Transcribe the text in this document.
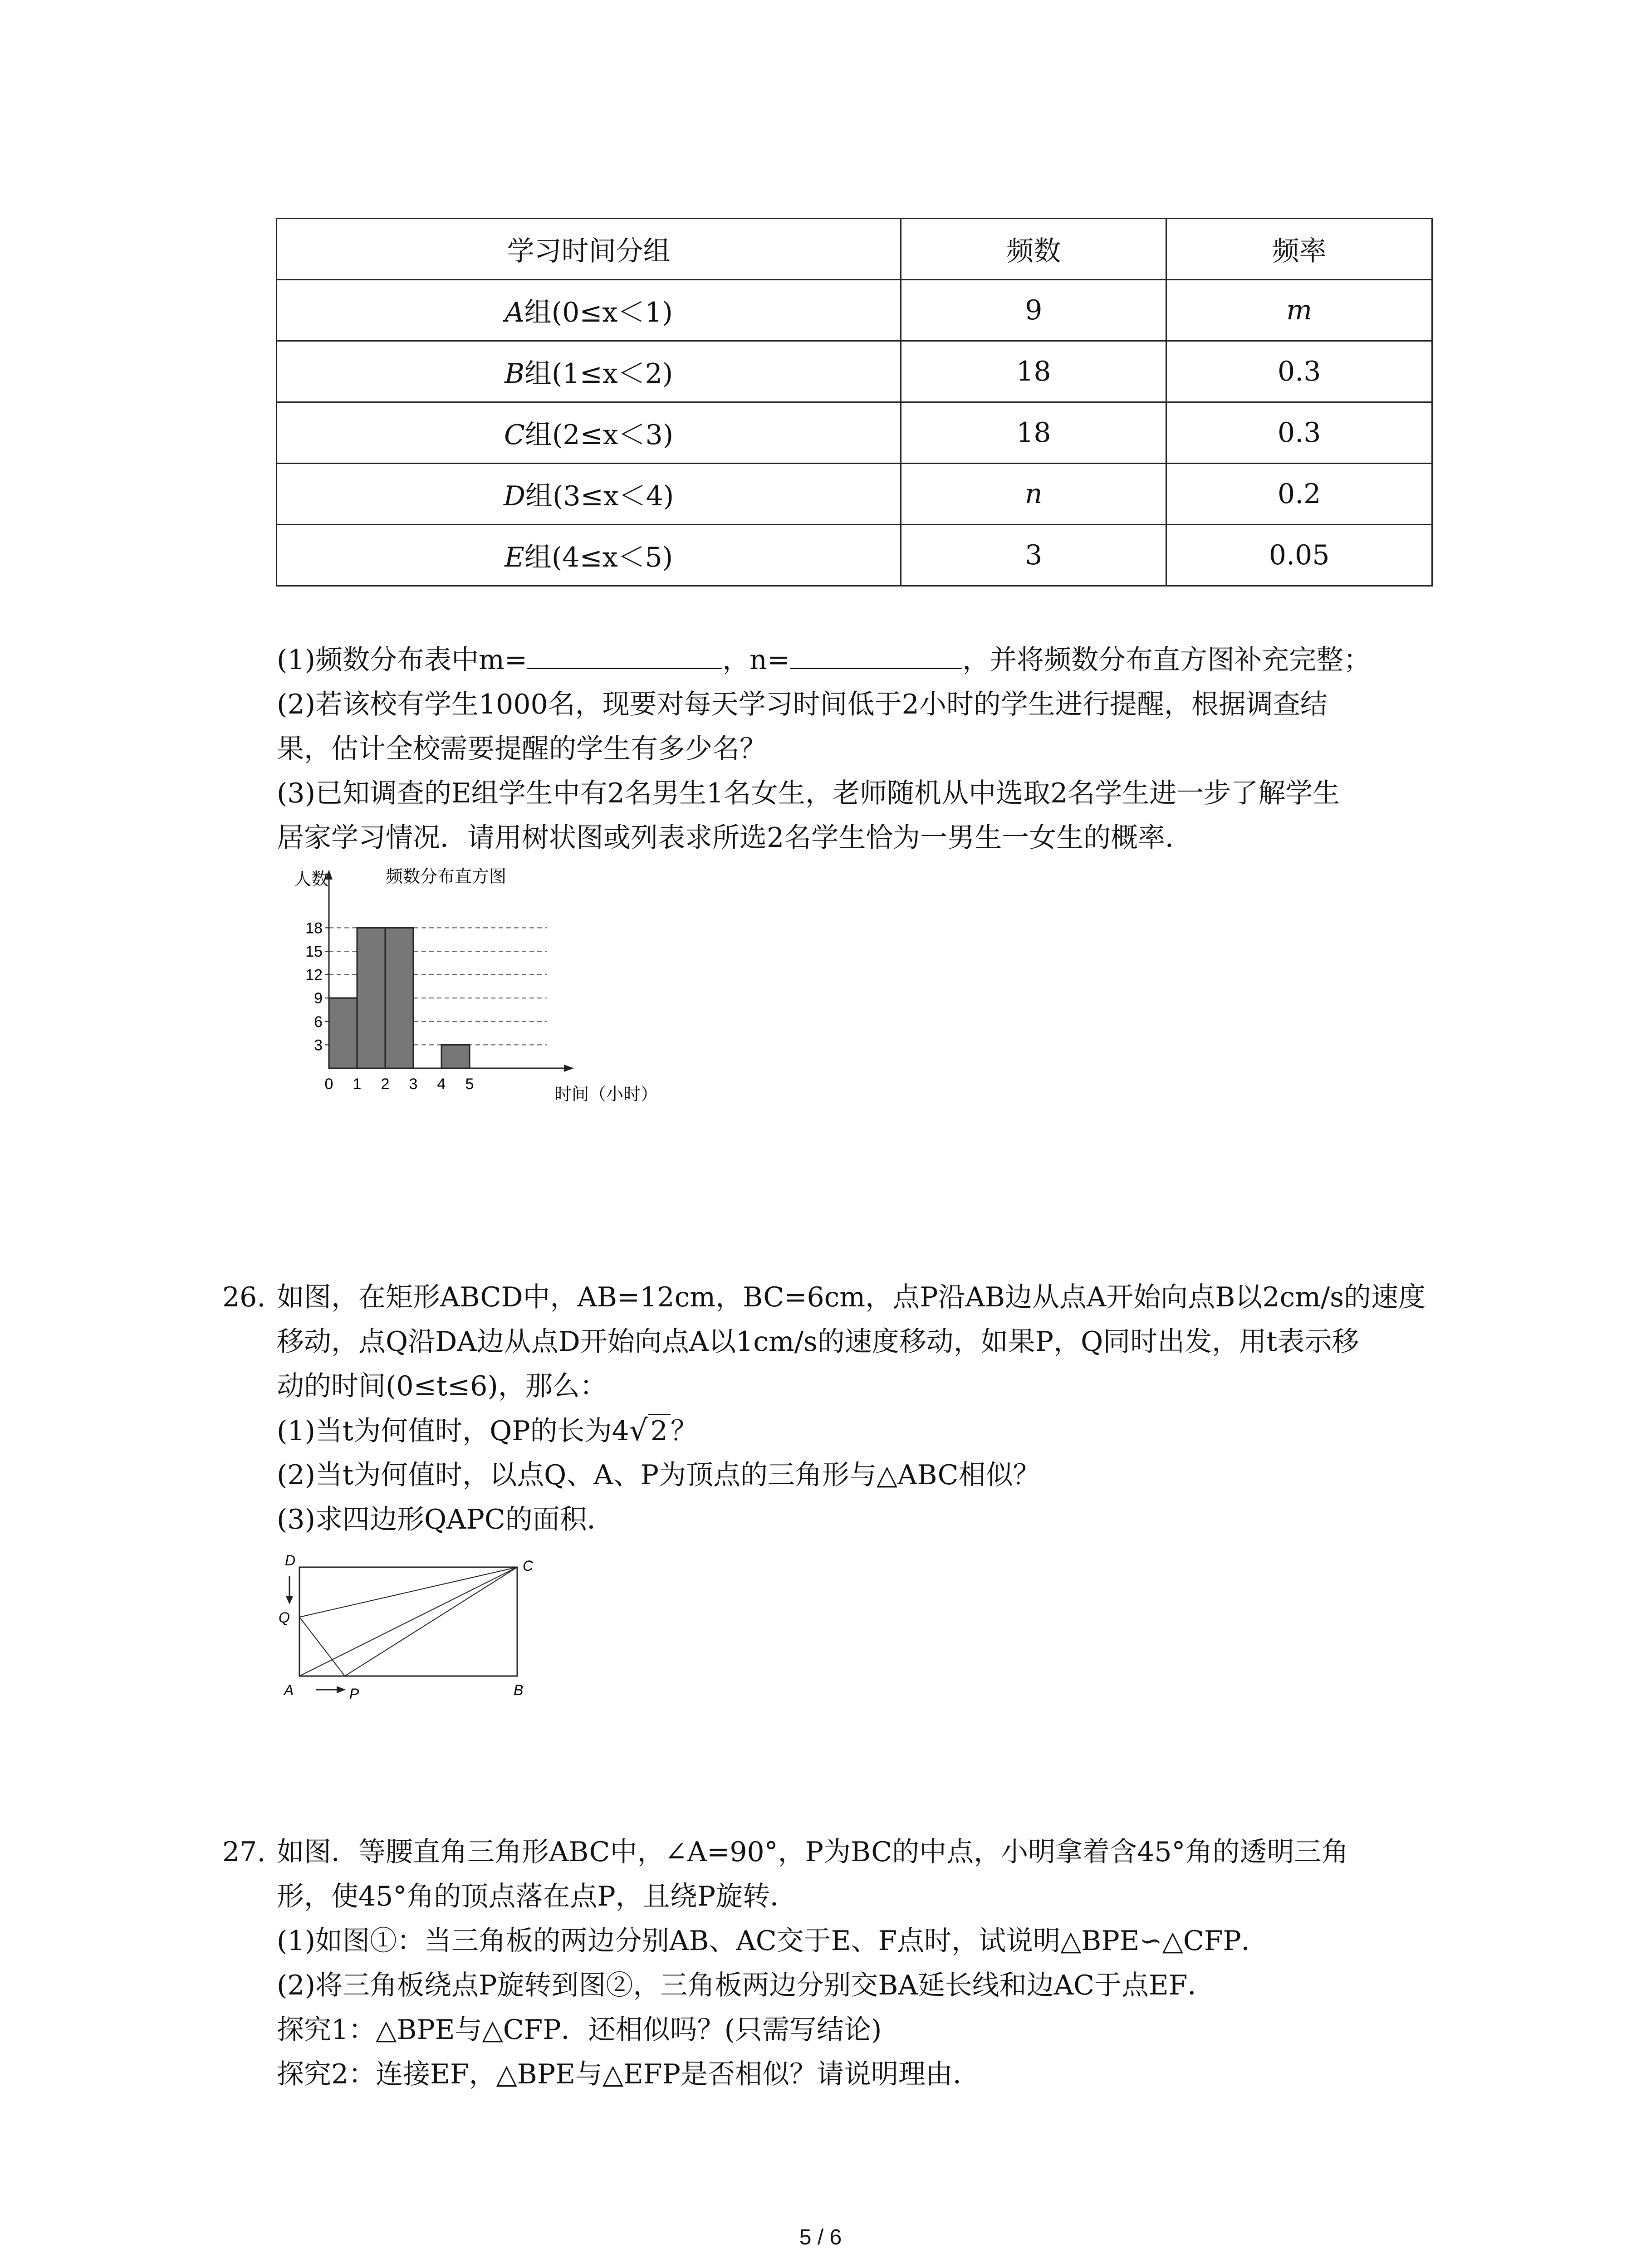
学习时间分组	频数	频率
A组(0≤x＜1)	9	m
B组(1≤x＜2)	18	0.3
C组(2≤x＜3)	18	0.3
D组(3≤x＜4)	n	0.2
E组(4≤x＜5)	3	0.05
(1)频数分布表中m=	，n=	，并将频数分布直方图补充完整；
(2)若该校有学生1000名，现要对每天学习时间低于2小时的学生进行提醒，根据调查结
果，估计全校需要提醒的学生有多少名？
(3)已知调查的E组学生中有2名男生1名女生，老师随机从中选取2名学生进一步了解学生
居家学习情况．请用树状图或列表求所选2名学生恰为一男生一女生的概率．
3
6
9
12
15
18
0 1 2 3 4 5
人数	频数分布直方图
时间（小时）
26. 如图，在矩形ABCD中，AB=12cm，BC=6cm，点P沿AB边从点A开始向点B以2cm/s的速度
移动，点Q沿DA边从点D开始向点A以1cm/s的速度移动，如果P，Q同时出发，用t表示移
动的时间(0≤t≤6)，那么：
(1)当t为何值时，QP的长为4√ 2 ？
(2)当t为何值时，以点Q、A、P为顶点的三角形与△ABC相似？
(3)求四边形QAPC的面积．
D	C
Q
A	P	B
27. 如图．等腰直角三角形ABC中，∠A=90°，P为BC的中点，小明拿着含45°角的透明三角
形，使45°角的顶点落在点P，且绕P旋转．
(1)如图①：当三角板的两边分别AB、AC交于E、F点时，试说明△BPE∽△CFP．
(2)将三角板绕点P旋转到图②，三角板两边分别交BA延长线和边AC于点EF．
探究1：△BPE与△CFP．还相似吗？(只需写结论)
探究2：连接EF，△BPE与△EFP是否相似？请说明理由．
5 / 6
